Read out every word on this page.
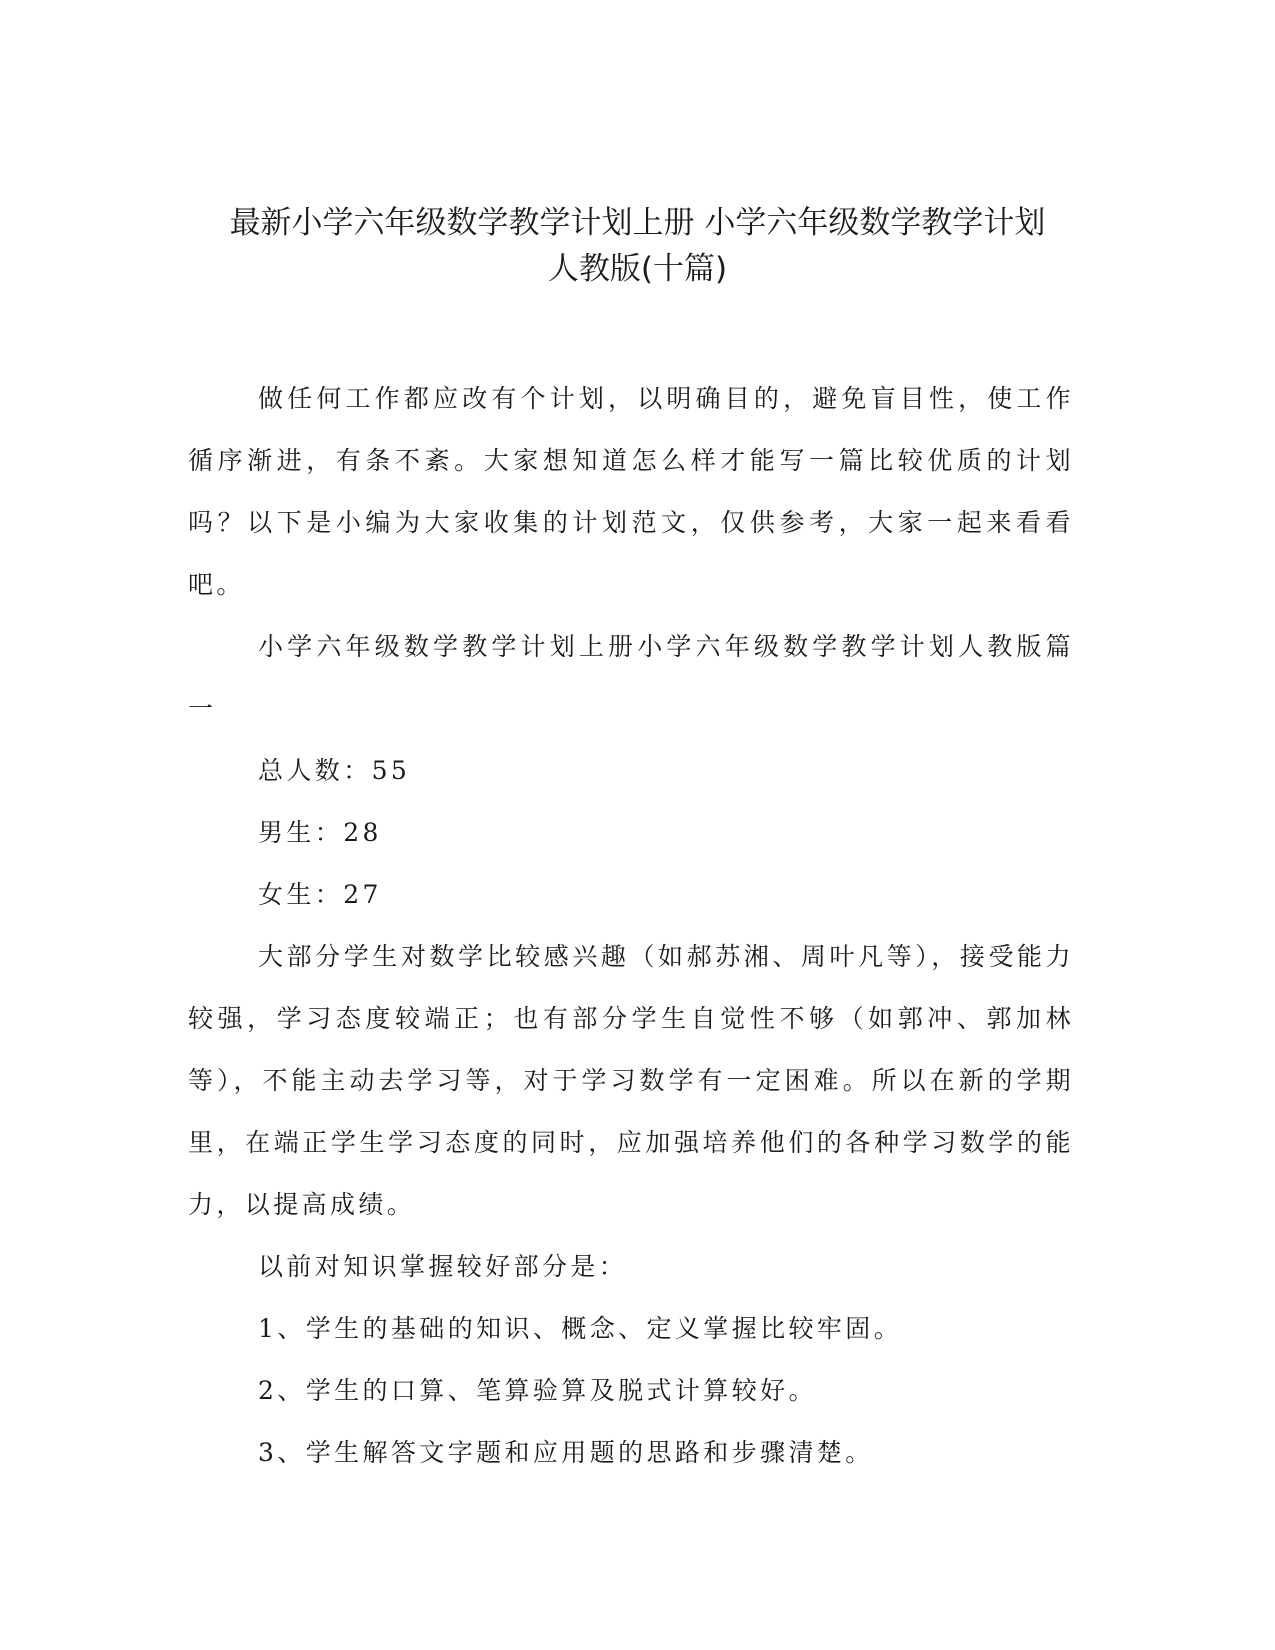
最新小学六年级数学教学计划上册 小学六年级数学教学计划
人教版(十篇)

做任何工作都应改有个计划，以明确目的，避免盲目性，使工作循序渐进，有条不紊。大家想知道怎么样才能写一篇比较优质的计划吗？以下是小编为大家收集的计划范文，仅供参考，大家一起来看看吧。

小学六年级数学教学计划上册小学六年级数学教学计划人教版篇一

总人数：55

男生：28

女生：27

大部分学生对数学比较感兴趣（如郝苏湘、周叶凡等），接受能力较强，学习态度较端正；也有部分学生自觉性不够（如郭冲、郭加林等），不能主动去学习等，对于学习数学有一定困难。所以在新的学期里，在端正学生学习态度的同时，应加强培养他们的各种学习数学的能力，以提高成绩。

以前对知识掌握较好部分是：

1、学生的基础的知识、概念、定义掌握比较牢固。

2、学生的口算、笔算验算及脱式计算较好。

3、学生解答文字题和应用题的思路和步骤清楚。
